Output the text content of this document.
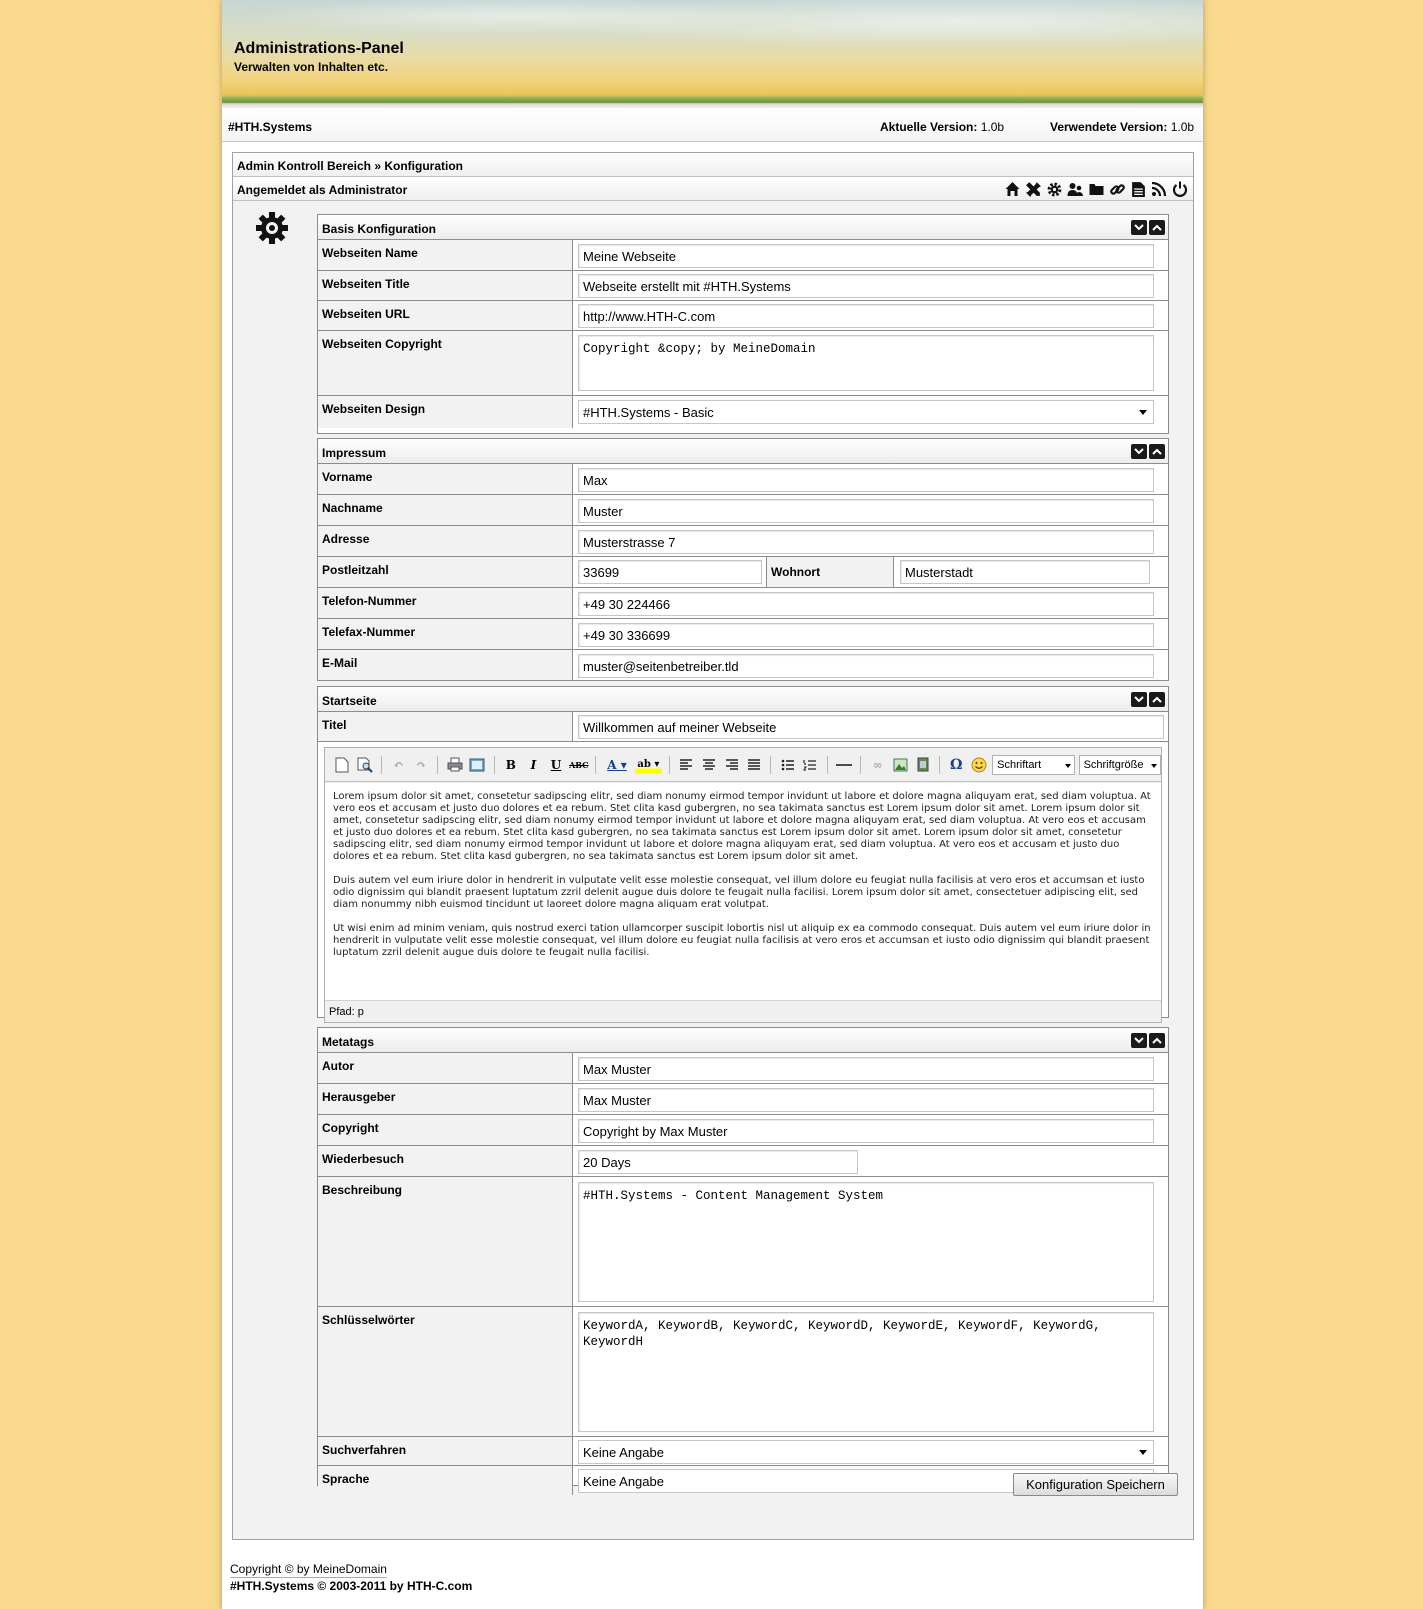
Administrations-Panel
Verwalten von Inhalten etc.
#HTH.Systems	Aktuelle Version: 1.0b	Verwendete Version: 1.0b
Admin Kontroll Bereich » Konfiguration
Angemeldet als Administrator
Basis Konfiguration
Webseiten Name	Meine Webseite
Webseiten Title	Webseite erstellt mit #HTH.Systems
Webseiten URL	http://www.HTH-C.com
Webseiten Copyright	Copyright &copy; by MeineDomain
Webseiten Design	#HTH.Systems - Basic
Impressum
Vorname	Max
Nachname	Muster
Adresse	Musterstrasse 7
Postleitzahl	33699	Wohnort	Musterstadt
Telefon-Nummer	+49 30 224466
Telefax-Nummer	+49 30 336699
E-Mail	muster@seitenbetreiber.tld
Startseite
Titel	Willkommen auf meiner Webseite
↶	↷	B	I	U ABC	A ▾	ab ▾	∞	Ω	Schriftart	Schriftgröße

Lorem ipsum dolor sit amet, consetetur sadipscing elitr, sed diam nonumy eirmod tempor invidunt ut labore et dolore magna aliquyam erat, sed diam voluptua. At vero eos et accusam et justo duo dolores et ea rebum. Stet clita kasd gubergren, no sea takimata sanctus est Lorem ipsum dolor sit amet. Lorem ipsum dolor sit amet, consetetur sadipscing elitr, sed diam nonumy eirmod tempor invidunt ut labore et dolore magna aliquyam erat, sed diam voluptua. At vero eos et accusam et justo duo dolores et ea rebum. Stet clita kasd gubergren, no sea takimata sanctus est Lorem ipsum dolor sit amet. Lorem ipsum dolor sit amet, consetetur sadipscing elitr, sed diam nonumy eirmod tempor invidunt ut labore et dolore magna aliquyam erat, sed diam voluptua. At vero eos et accusam et justo duo dolores et ea rebum. Stet clita kasd gubergren, no sea takimata sanctus est Lorem ipsum dolor sit amet.

Duis autem vel eum iriure dolor in hendrerit in vulputate velit esse molestie consequat, vel illum dolore eu feugiat nulla facilisis at vero eros et accumsan et iusto odio dignissim qui blandit praesent luptatum zzril delenit augue duis dolore te feugait nulla facilisi. Lorem ipsum dolor sit amet, consectetuer adipiscing elit, sed diam nonummy nibh euismod tincidunt ut laoreet dolore magna aliquam erat volutpat.

Ut wisi enim ad minim veniam, quis nostrud exerci tation ullamcorper suscipit lobortis nisl ut aliquip ex ea commodo consequat. Duis autem vel eum iriure dolor in hendrerit in vulputate velit esse molestie consequat, vel illum dolore eu feugiat nulla facilisis at vero eros et accumsan et iusto odio dignissim qui blandit praesent luptatum zzril delenit augue duis dolore te feugait nulla facilisi.

Pfad: p
Metatags
Autor	Max Muster
Herausgeber	Max Muster
Copyright	Copyright by Max Muster
Wiederbesuch	20 Days
Beschreibung	#HTH.Systems - Content Management System
Schlüsselwörter	KeywordA, KeywordB, KeywordC, KeywordD, KeywordE, KeywordF, KeywordG, KeywordH
Suchverfahren	Keine Angabe
Sprache	Keine Angabe	Konfiguration Speichern
Copyright © by MeineDomain
#HTH.Systems © 2003-2011 by HTH-C.com
